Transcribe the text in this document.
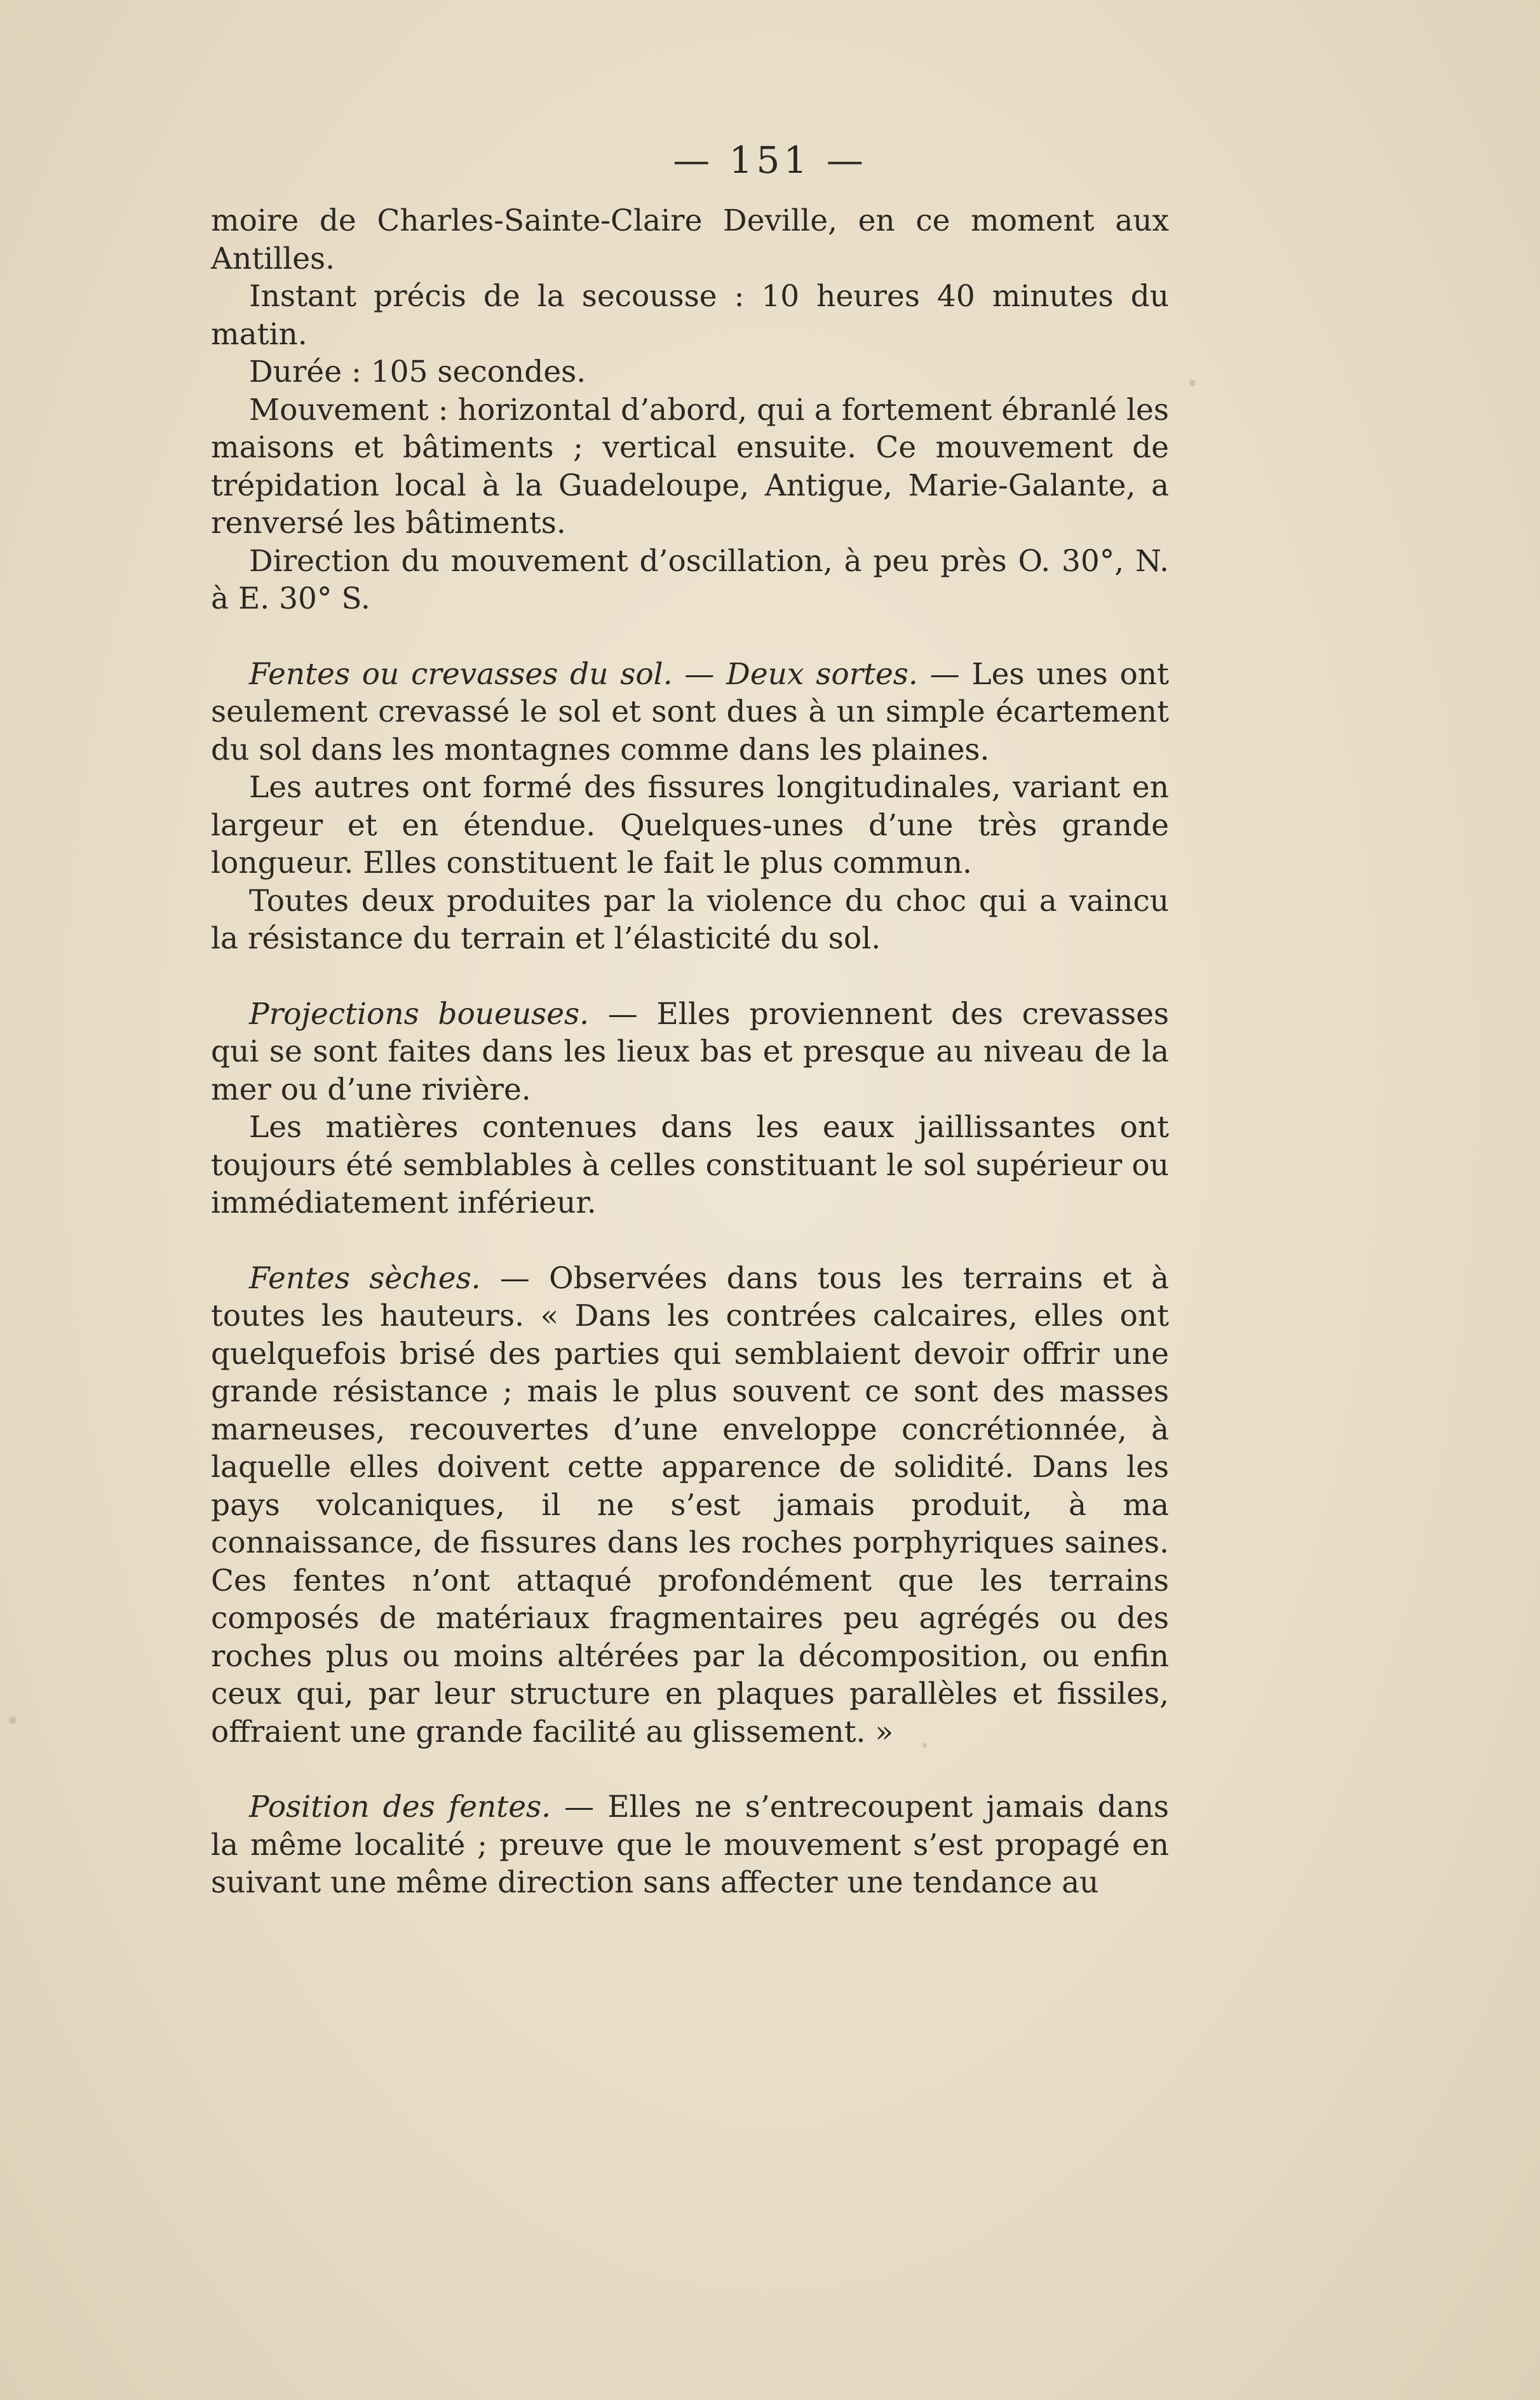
— 151 —

moire de Charles-Sainte-Claire Deville, en ce moment aux Antilles.

Instant précis de la secousse : 10 heures 40 minutes du matin.

Durée : 105 secondes.

Mouvement : horizontal d’abord, qui a fortement ébranlé les maisons et bâtiments ; vertical ensuite. Ce mouvement de trépidation local à la Guadeloupe, Antigue, Marie-Galante, a renversé les bâtiments.

Direction du mouvement d’oscillation, à peu près O. 30°, N. à E. 30° S.

Fentes ou crevasses du sol. — Deux sortes. — Les unes ont seulement crevassé le sol et sont dues à un simple écartement du sol dans les montagnes comme dans les plaines.

Les autres ont formé des fissures longitudinales, variant en largeur et en étendue. Quelques-unes d’une très grande longueur. Elles constituent le fait le plus commun.

Toutes deux produites par la violence du choc qui a vaincu la résistance du terrain et l’élasticité du sol.

Projections boueuses. — Elles proviennent des crevasses qui se sont faites dans les lieux bas et presque au niveau de la mer ou d’une rivière.

Les matières contenues dans les eaux jaillissantes ont toujours été semblables à celles constituant le sol supérieur ou immédiatement inférieur.

Fentes sèches. — Observées dans tous les terrains et à toutes les hauteurs. « Dans les contrées calcaires, elles ont quelquefois brisé des parties qui semblaient devoir offrir une grande résistance ; mais le plus souvent ce sont des masses marneuses, recouvertes d’une enveloppe concrétionnée, à laquelle elles doivent cette apparence de solidité. Dans les pays volcaniques, il ne s’est jamais produit, à ma connaissance, de fissures dans les roches porphyriques saines. Ces fentes n’ont attaqué profondément que les terrains composés de matériaux fragmentaires peu agrégés ou des roches plus ou moins altérées par la décomposition, ou enfin ceux qui, par leur structure en plaques parallèles et fissiles, offraient une grande facilité au glissement. »

Position des fentes. — Elles ne s’entrecoupent jamais dans la même localité ; preuve que le mouvement s’est propagé en suivant une même direction sans affecter une tendance au
